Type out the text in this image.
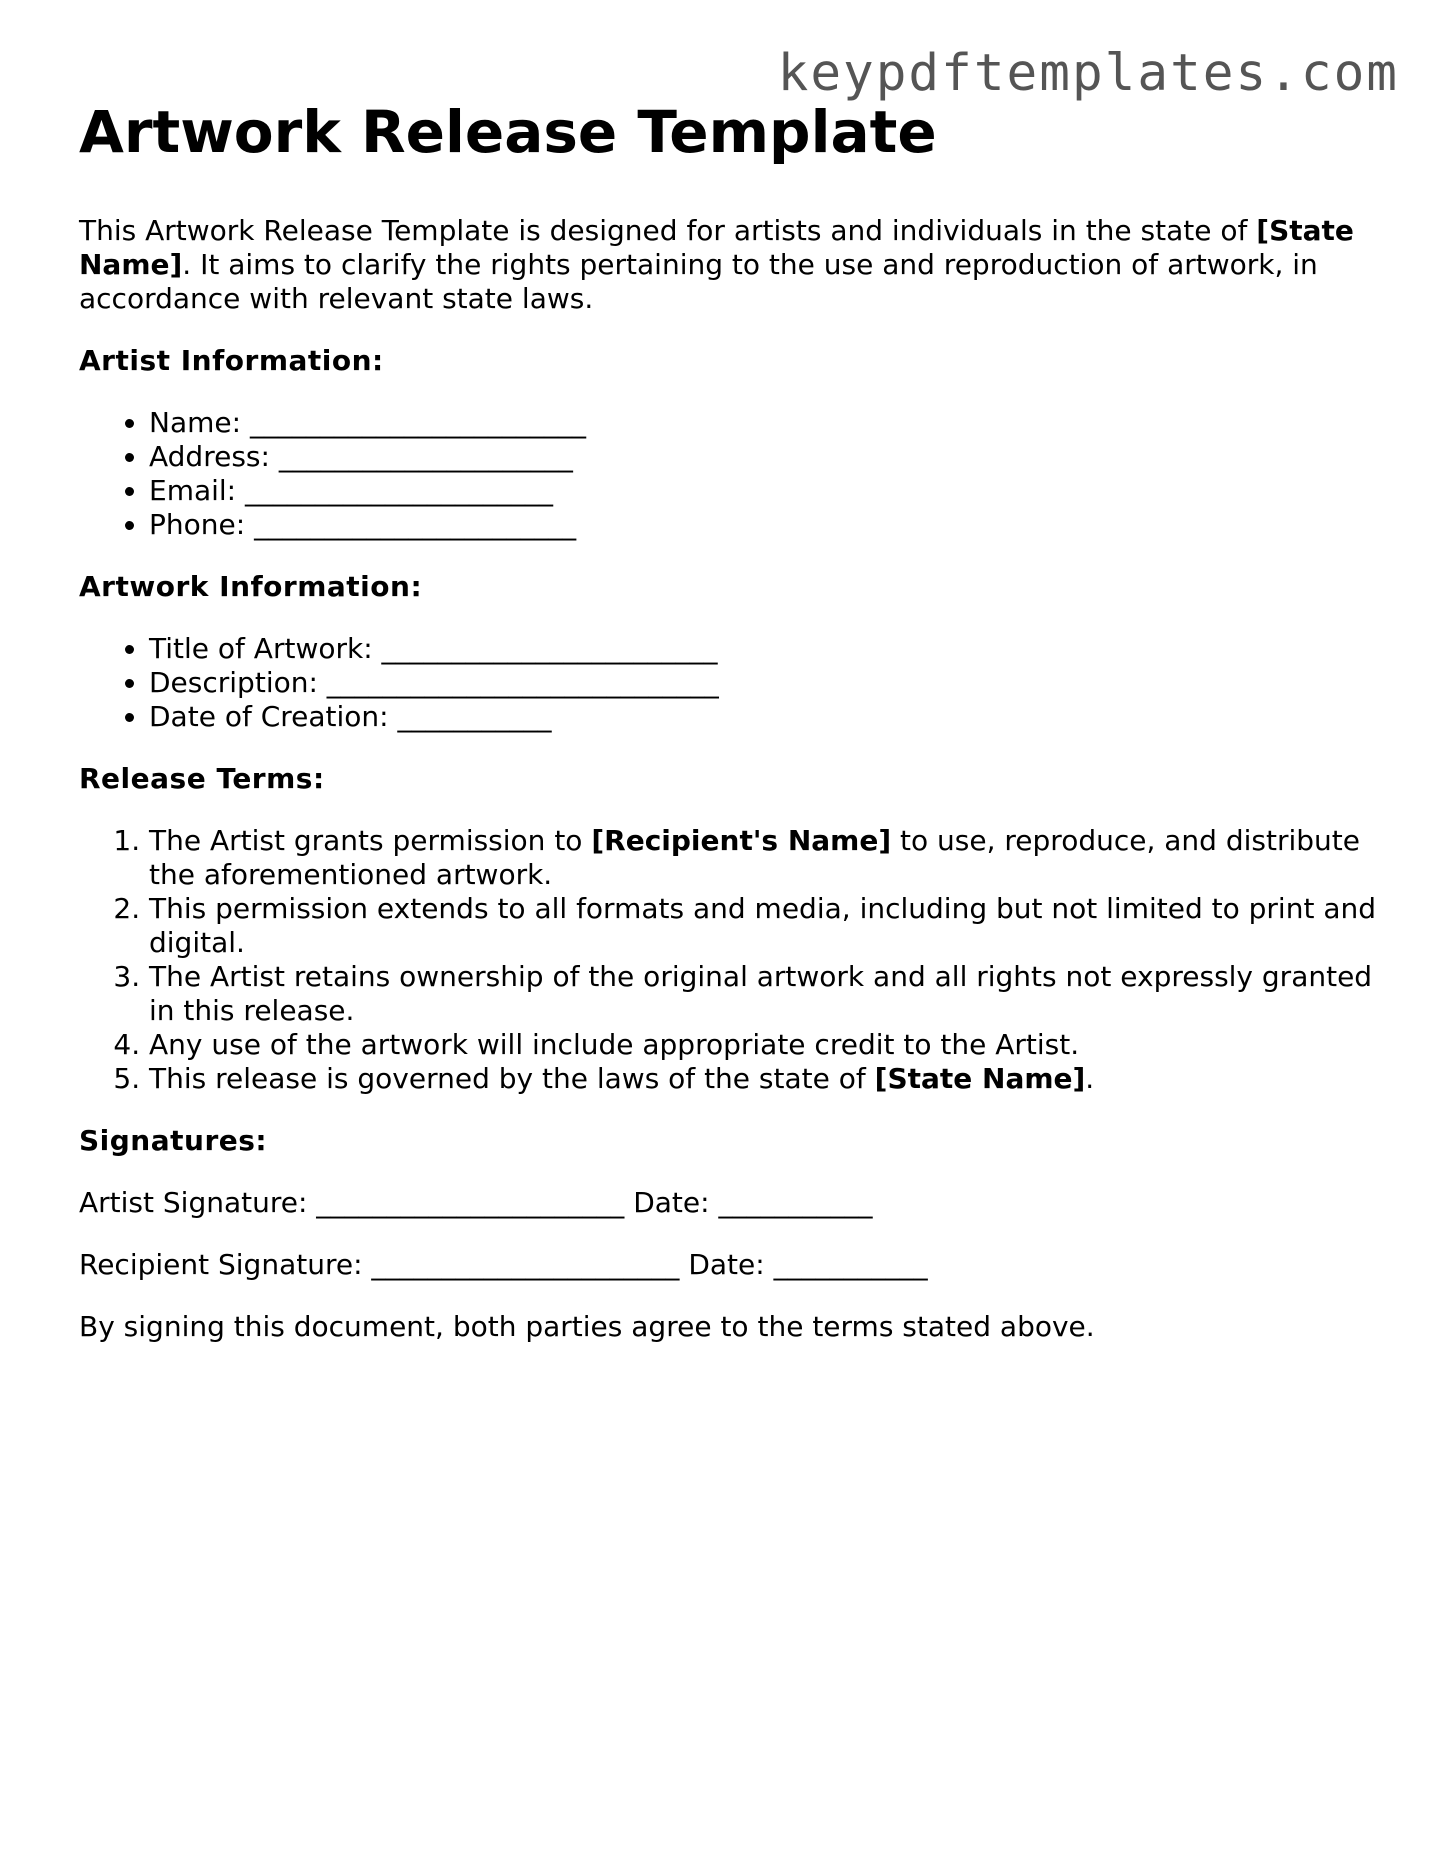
keypdftemplates.com
Artwork Release Template

This Artwork Release Template is designed for artists and individuals in the state of [State Name]. It aims to clarify the rights pertaining to the use and reproduction of artwork, in accordance with relevant state laws.

Artist Information:
• Name: ________________________
• Address: _____________________
• Email: ______________________
• Phone: _______________________
Artwork Information:
• Title of Artwork: ________________________
• Description: ____________________________
• Date of Creation: ___________
Release Terms:
1. The Artist grants permission to [Recipient's Name] to use, reproduce, and distribute the aforementioned artwork.
2. This permission extends to all formats and media, including but not limited to print and digital.
3. The Artist retains ownership of the original artwork and all rights not expressly granted in this release.
4. Any use of the artwork will include appropriate credit to the Artist.
5. This release is governed by the laws of the state of [State Name].
Signatures:

Artist Signature: ______________________ Date: ___________

Recipient Signature: ______________________ Date: ___________

By signing this document, both parties agree to the terms stated above.
